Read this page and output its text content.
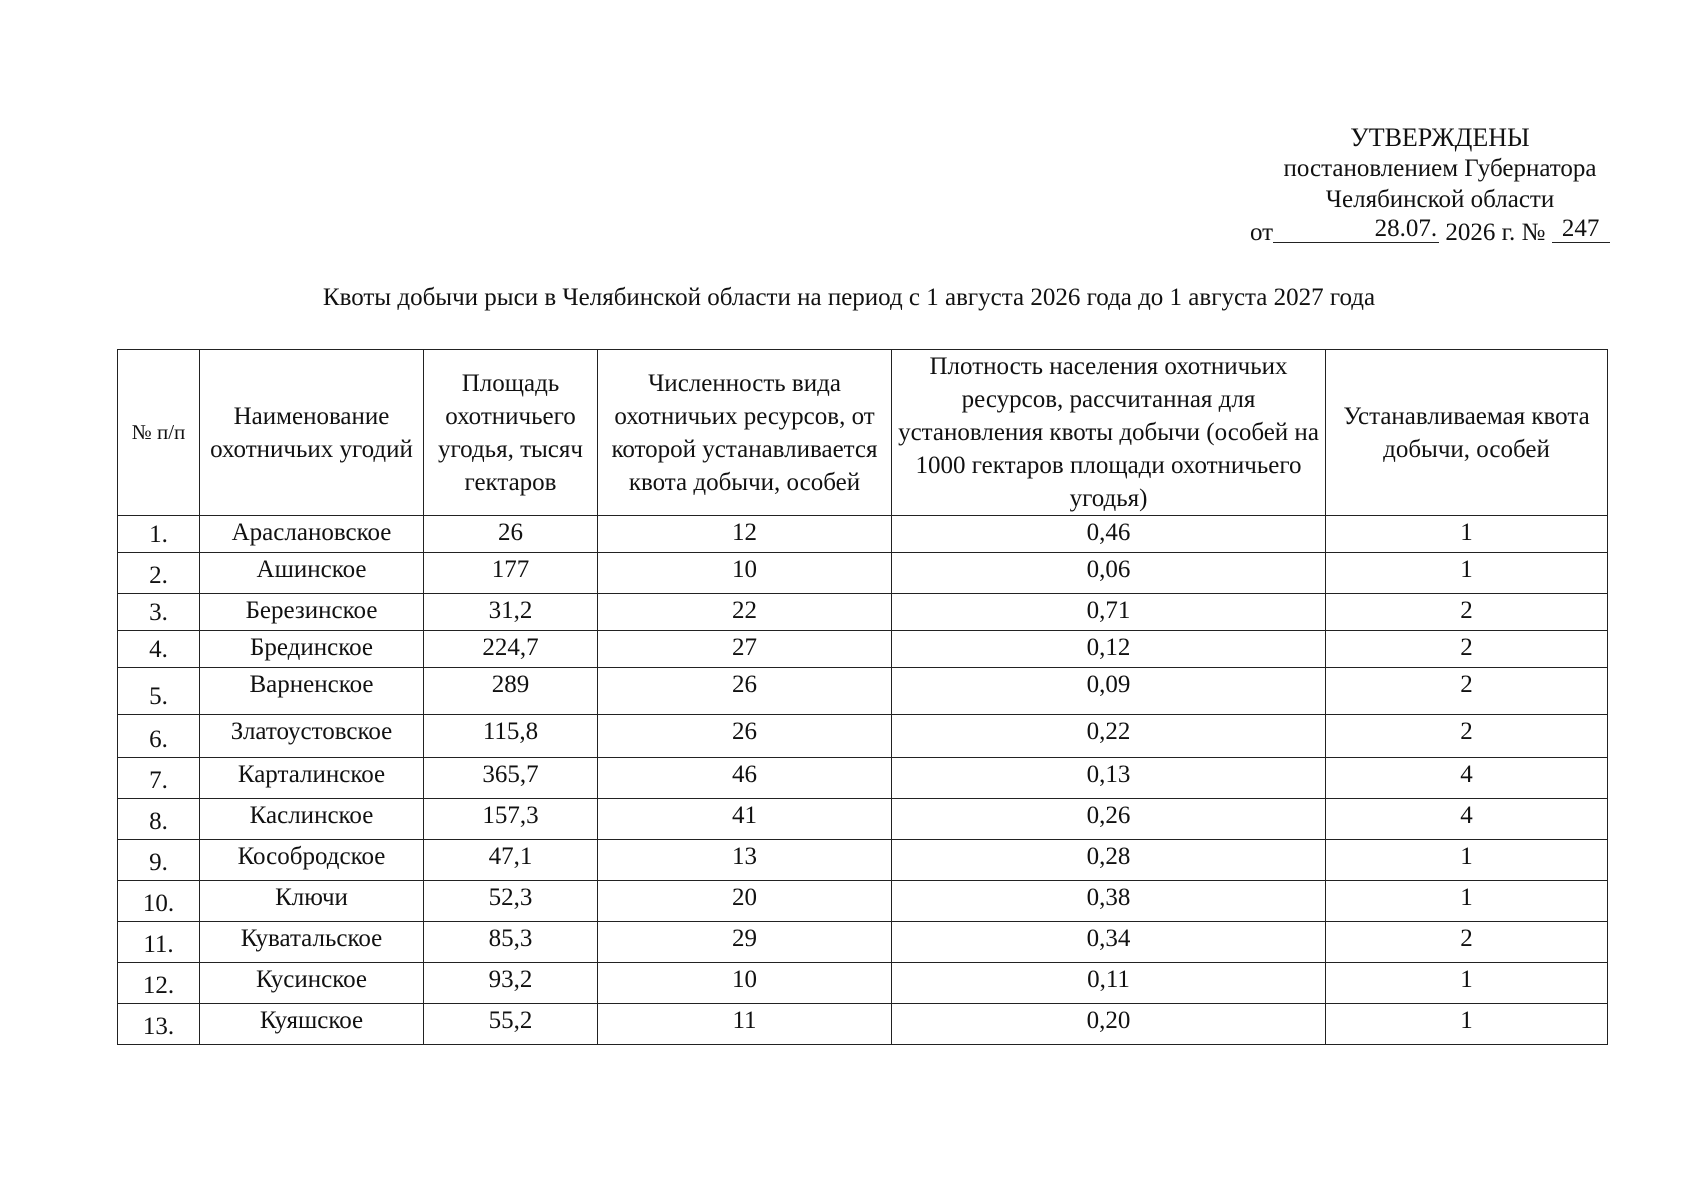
УТВЕРЖДЕНЫ
постановлением Губернатора
Челябинской области
от	28.07. 2026 г. № 247
Квоты добычи рыси в Челябинской области на период с 1 августа 2026 года до 1 августа 2027 года
№ п/п	Наименование охотничьих угодий	Площадь охотничьего угодья, тысяч гектаров	Численность вида охотничьих ресурсов, от которой устанавливается квота добычи, особей	Плотность населения охотничьих ресурсов, рассчитанная для установления квоты добычи (особей на 1000 гектаров площади охотничьего угодья)	Устанавливаемая квота добычи, особей
1.	Араслановское	26	12	0,46	1
2.	Ашинское	177	10	0,06	1
3.	Березинское	31,2	22	0,71	2
4.	Брединское	224,7	27	0,12	2
5.	Варненское	289	26	0,09	2
6.	Златоустовское	115,8	26	0,22	2
7.	Карталинское	365,7	46	0,13	4
8.	Каслинское	157,3	41	0,26	4
9.	Кособродское	47,1	13	0,28	1
10.	Ключи	52,3	20	0,38	1
11.	Куватальское	85,3	29	0,34	2
12.	Кусинское	93,2	10	0,11	1
13.	Куяшское	55,2	11	0,20	1
